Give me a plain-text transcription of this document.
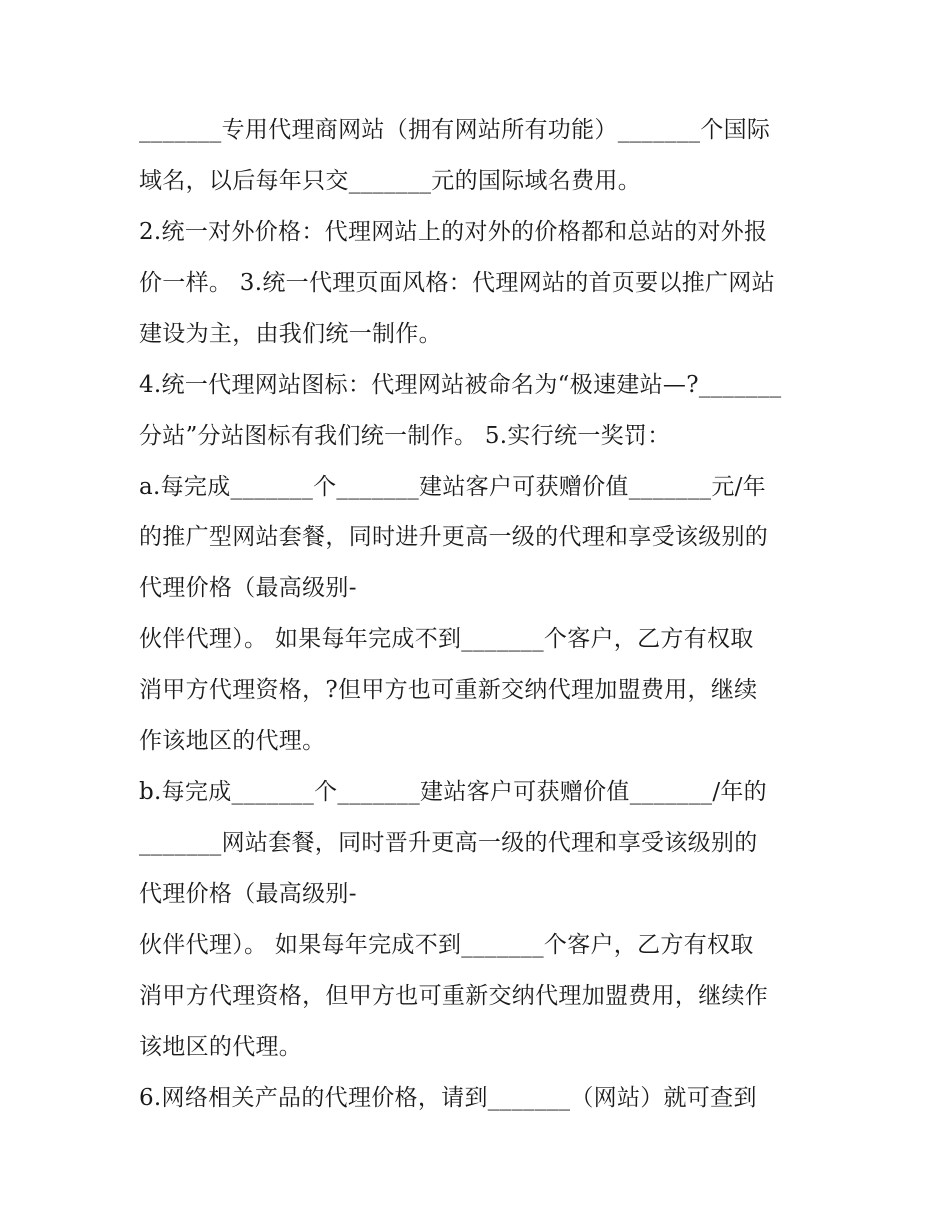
_______专用代理商网站（拥有网站所有功能）_______个国际
域名，以后每年只交_______元的国际域名费用。
2.统一对外价格：代理网站上的对外的价格都和总站的对外报
价一样。 3.统一代理页面风格：代理网站的首页要以推广网站
建设为主，由我们统一制作。
4.统一代理网站图标：代理网站被命名为“极速建站—?_______
分站”分站图标有我们统一制作。 5.实行统一奖罚：
a.每完成_______个_______建站客户可获赠价值_______元/年
的推广型网站套餐，同时进升更高一级的代理和享受该级别的
代理价格（最高级别-
伙伴代理）。 如果每年完成不到_______个客户，乙方有权取
消甲方代理资格，?但甲方也可重新交纳代理加盟费用，继续
作该地区的代理。
b.每完成_______个_______建站客户可获赠价值_______/年的
_______网站套餐，同时晋升更高一级的代理和享受该级别的
代理价格（最高级别-
伙伴代理）。 如果每年完成不到_______个客户，乙方有权取
消甲方代理资格，但甲方也可重新交纳代理加盟费用，继续作
该地区的代理。
6.网络相关产品的代理价格，请到_______（网站）就可查到
